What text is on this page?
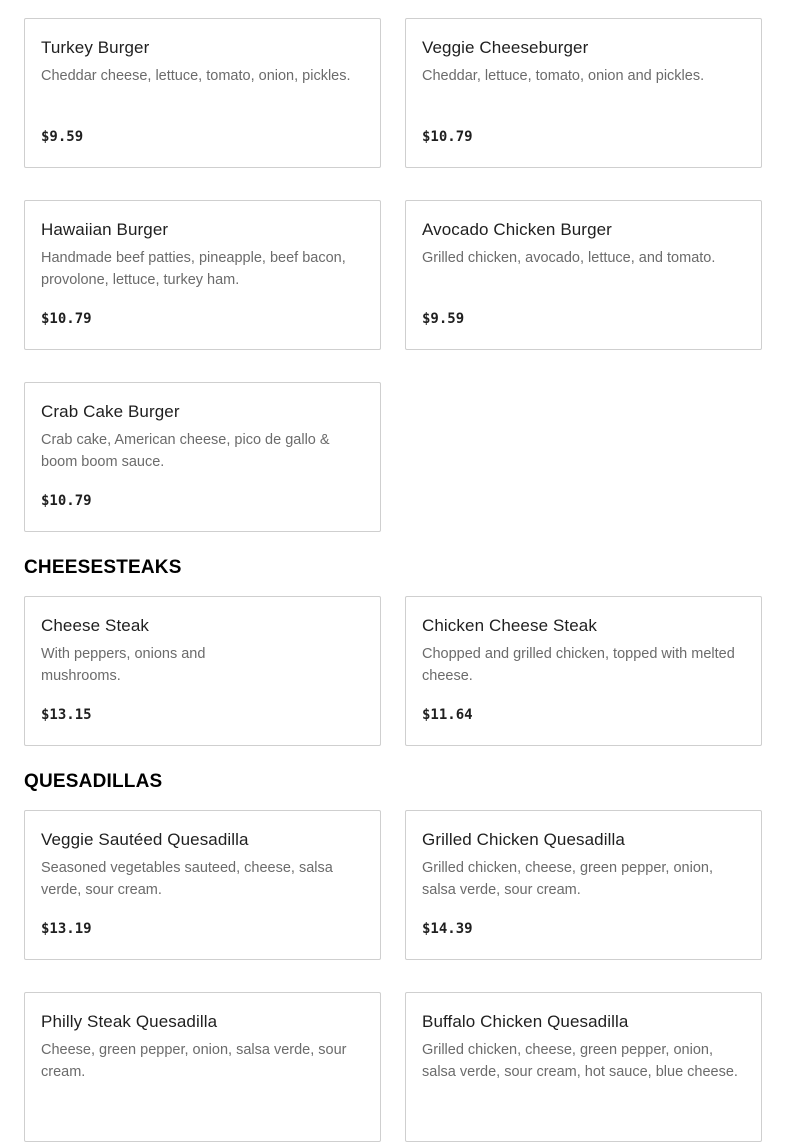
Turkey Burger
Cheddar cheese, lettuce, tomato, onion, pickles.
$9.59
Veggie Cheeseburger
Cheddar, lettuce, tomato, onion and pickles.
$10.79
Hawaiian Burger
Handmade beef patties, pineapple, beef bacon, provolone, lettuce, turkey ham.
$10.79
Avocado Chicken Burger
Grilled chicken, avocado, lettuce, and tomato.
$9.59
Crab Cake Burger
Crab cake, American cheese, pico de gallo & boom boom sauce.
$10.79
CHEESESTEAKS
Cheese Steak
With peppers, onions and mushrooms.
$13.15
Chicken Cheese Steak
Chopped and grilled chicken, topped with melted cheese.
$11.64
QUESADILLAS
Veggie Sautéed Quesadilla
Seasoned vegetables sauteed, cheese, salsa verde, sour cream.
$13.19
Grilled Chicken Quesadilla
Grilled chicken, cheese, green pepper, onion, salsa verde, sour cream.
$14.39
Philly Steak Quesadilla
Cheese, green pepper, onion, salsa verde, sour cream.
Buffalo Chicken Quesadilla
Grilled chicken, cheese, green pepper, onion, salsa verde, sour cream, hot sauce, blue cheese.
